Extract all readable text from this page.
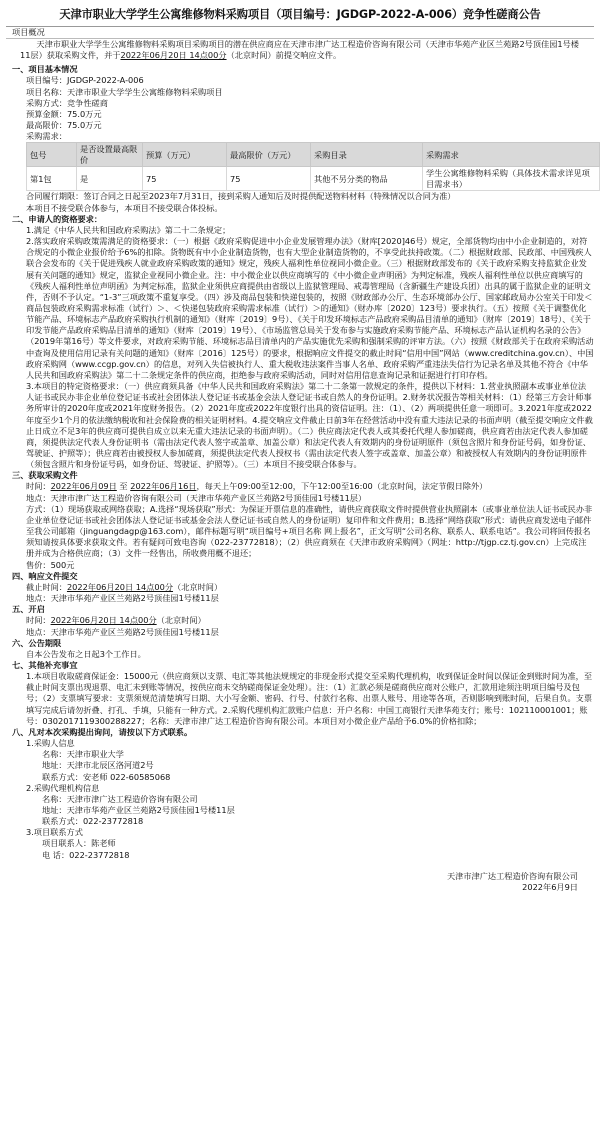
天津市职业大学学生公寓维修物料采购项目（项目编号：JGDGP-2022-A-006）竞争性磋商公告
项目概况
天津市职业大学学生公寓维修物料采购项目采购项目的潜在供应商应在天津市津广达工程造价咨询有限公司（天津市华苑产业区兰苑路2号顶佳园1号楼11层）获取采购文件，并于2022年06月20日 14点00分（北京时间）前提交响应文件。
一、项目基本情况
项目编号：JGDGP-2022-A-006
项目名称：天津市职业大学学生公寓维修物料采购项目
采购方式：竞争性磋商
预算金额：75.0万元
最高限价：75.0万元
采购需求：
包号	是否设置最高限价	预算（万元）	最高限价（万元）	采购目录	采购需求
第1包	是	75	75	其他不另分类的物品	学生公寓维修物料采购（具体技术需求详见项目需求书）
合同履行期限：签订合同之日起至2023年7月31日，接到采购人通知后及时提供配送物料材料（特殊情况以合同为准）
本项目不接受联合体参与，本项目不接受联合体投标。
二、申请人的资格要求：
1.满足《中华人民共和国政府采购法》第二十二条规定；
2.落实政府采购政策需满足的资格要求：（一）根据《政府采购促进中小企业发展管理办法》（财库[2020]46号）规定，全部货物均由中小企业制造的，对符合规定的小微企业报价给予6%的扣除。货物既有中小企业制造货物，也有大型企业制造货物的，不享受此扶持政策。（二）根据财政部、民政部、中国残疾人联合会发布的《关于促进残疾人就业政府采购政策的通知》规定，残疾人福利性单位视同小微企业。（三）根据财政部发布的《关于政府采购支持监狱企业发展有关问题的通知》规定，监狱企业视同小微企业。注：中小微企业以供应商填写的《中小微企业声明函》为判定标准，残疾人福利性单位以供应商填写的《残疾人福利性单位声明函》为判定标准，监狱企业须供应商提供由省级以上监狱管理局、戒毒管理局（含新疆生产建设兵团）出具的属于监狱企业的证明文件，否则不予认定。“1-3”三项政策不重复享受。（四）涉及商品包装和快递包装的，按照《财政部办公厅、生态环境部办公厅、国家邮政局办公室关于印发＜商品包装政府采购需求标准（试行）＞、＜快递包装政府采购需求标准（试行）＞的通知》（财办库〔2020〕123号）要求执行。（五）按照《关于调整优化节能产品、环境标志产品政府采购执行机制的通知》（财库〔2019〕9号）、《关于印发环境标志产品政府采购品目清单的通知》（财库〔2019〕18号）、《关于印发节能产品政府采购品目清单的通知》（财库〔2019〕19号）、《市场监管总局关于发布参与实施政府采购节能产品、环境标志产品认证机构名录的公告》（2019年第16号）等文件要求，对政府采购节能、环境标志品目清单内的产品实施优先采购和强制采购的评审方法。（六）按照《财政部关于在政府采购活动中查询及使用信用记录有关问题的通知》（财库〔2016〕125号）的要求，根据响应文件提交的截止时间“信用中国”网站（www.creditchina.gov.cn）、中国政府采购网（www.ccgp.gov.cn）的信息，对列入失信被执行人、重大税收违法案件当事人名单、政府采购严重违法失信行为记录名单及其他不符合《中华人民共和国政府采购法》第二十二条规定条件的供应商，拒绝参与政府采购活动，同时对信用信息查询记录和证据进行打印存档。
3.本项目的特定资格要求：（一）供应商须具备《中华人民共和国政府采购法》第二十二条第一款规定的条件，提供以下材料：1.营业执照副本或事业单位法人证书或民办非企业单位登记证书或社会团体法人登记证书或基金会法人登记证书或自然人的身份证明。2.财务状况报告等相关材料：（1）经第三方会计师事务所审计的2020年度或2021年度财务报告。（2）2021年度或2022年度银行出具的资信证明。注：（1）、（2）两项提供任意一项即可。3.2021年度或2022年度至少1个月的依法缴纳税收和社会保险费的相关证明材料。4.提交响应文件截止日前3年在经营活动中没有重大违法记录的书面声明（截至提交响应文件截止日成立不足3年的供应商可提供自成立以来无重大违法记录的书面声明）。（二）供应商法定代表人或其委托代理人参加磋商，供应商若由法定代表人参加磋商，须提供法定代表人身份证明书（需由法定代表人签字或盖章、加盖公章）和法定代表人有效期内的身份证明原件（须包含照片和身份证号码，如身份证、驾驶证、护照等）；供应商若由被授权人参加磋商，须提供法定代表人授权书（需由法定代表人签字或盖章、加盖公章）和被授权人有效期内的身份证明原件（须包含照片和身份证号码，如身份证、驾驶证、护照等）。（三）本项目不接受联合体参与。
三、获取采购文件
时间：2022年06月09日 至 2022年06月16日，每天上午09:00至12:00，下午12:00至16:00（北京时间，法定节假日除外）
地点：天津市津广达工程造价咨询有限公司（天津市华苑产业区兰苑路2号顶佳园1号楼11层）
方式：（1）现场获取或网络获取；A.选择“现场获取”形式：为保证开票信息的准确性，请供应商获取文件时提供营业执照副本（或事业单位法人证书或民办非企业单位登记证书或社会团体法人登记证书或基金会法人登记证书或自然人的身份证明）复印件和文件费用；B.选择“网络获取”形式：请供应商发送电子邮件至我公司邮箱（jinguangdagp@163.com），邮件标题写明“项目编号+项目名称 网上报名”，正文写明“公司名称、联系人、联系电话”。我公司将回传报名须知请按具体要求获取文件。若有疑问可致电咨询（022-23772818）；（2）供应商须在《天津市政府采购网》（网址：http://tjgp.cz.tj.gov.cn）上完成注册并成为合格供应商；（3）文件一经售出，所收费用概不退还；
售价：500元
四、响应文件提交
截止时间：2022年06月20日 14点00分（北京时间）
地点：天津市华苑产业区兰苑路2号顶佳园1号楼11层
五、开启
时间：2022年06月20日 14点00分（北京时间）
地点：天津市华苑产业区兰苑路2号顶佳园1号楼11层
六、公告期限
自本公告发布之日起3个工作日。
七、其他补充事宜
1.本项目收取磋商保证金：15000元（供应商须以支票、电汇等其他法规规定的非现金形式提交至采购代理机构，收到保证金时间以保证金到账时间为准，至截止时间支票出现退票、电汇未到账等情况，按供应商未交纳磋商保证金处理）。注：（1）汇款必须是磋商供应商对公账户，汇款用途须注明项目编号及包号；（2）支票填写要求：支票须规范清楚填写日期、大小写金额、密码、行号、付款行名称、出票人账号、用途等各项，否则影响到账时间，后果自负。支票填写完成后请勿折叠、打孔、手填，只能有一种方式。2.采购代理机构汇款账户信息：开户名称：中国工商银行天津华苑支行；账号：102110001001；账号：0302017119300288227；名称：天津市津广达工程造价咨询有限公司。本项目对小微企业产品给予6.0%的价格扣除；
八、凡对本次采购提出询问，请按以下方式联系。
1.采购人信息
名称：天津市职业大学
地址：天津市北辰区洛河道2号
联系方式：安老师 022-60585068
2.采购代理机构信息
名称：天津市津广达工程造价咨询有限公司
地址：天津市华苑产业区兰苑路2号顶佳园1号楼11层
联系方式：022-23772818
3.项目联系方式
项目联系人：陈老师
电 话：022-23772818
天津市津广达工程造价咨询有限公司
2022年6月9日
